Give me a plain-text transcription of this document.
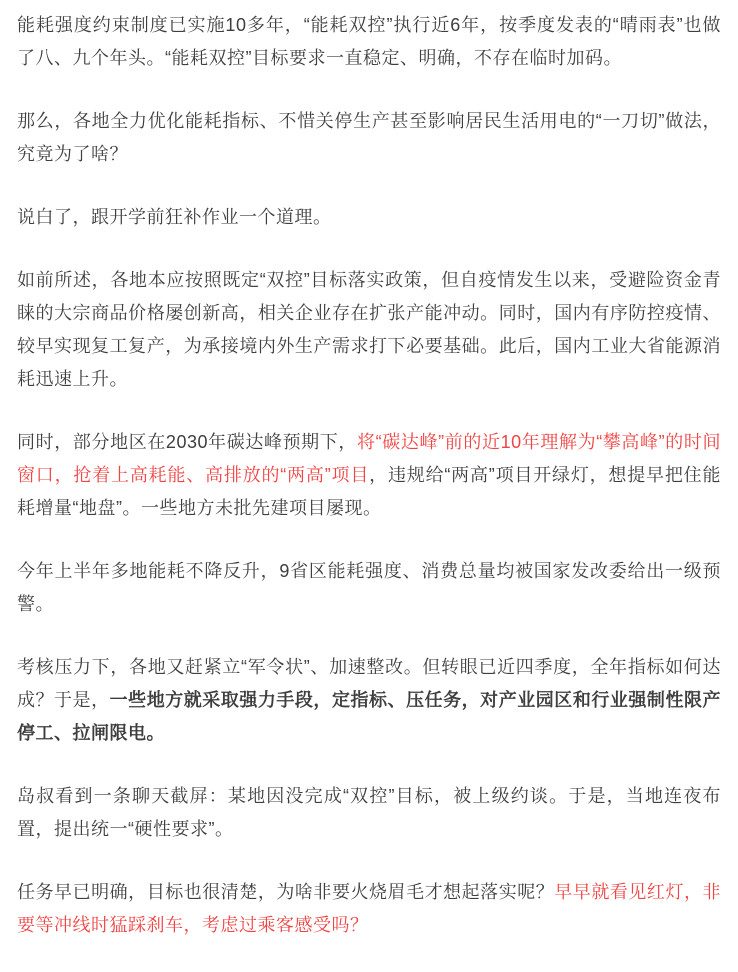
能耗强度约束制度已实施10多年，“能耗双控”执行近6年，按季度发表的“晴雨表”也做了八、九个年头。“能耗双控”目标要求一直稳定、明确，不存在临时加码。

那么，各地全力优化能耗指标、不惜关停生产甚至影响居民生活用电的“一刀切”做法，究竟为了啥？

说白了，跟开学前狂补作业一个道理。

如前所述，各地本应按照既定“双控”目标落实政策，但自疫情发生以来，受避险资金青睐的大宗商品价格屡创新高，相关企业存在扩张产能冲动。同时，国内有序防控疫情、较早实现复工复产，为承接境内外生产需求打下必要基础。此后，国内工业大省能源消耗迅速上升。

同时，部分地区在2030年碳达峰预期下，将“碳达峰”前的近10年理解为“攀高峰”的时间窗口，抢着上高耗能、高排放的“两高”项目，违规给“两高”项目开绿灯，想提早把住能耗增量“地盘”。一些地方未批先建项目屡现。

今年上半年多地能耗不降反升，9省区能耗强度、消费总量均被国家发改委给出一级预警。

考核压力下，各地又赶紧立“军令状”、加速整改。但转眼已近四季度，全年指标如何达成？于是，一些地方就采取强力手段，定指标、压任务，对产业园区和行业强制性限产停工、拉闸限电。

岛叔看到一条聊天截屏：某地因没完成“双控”目标，被上级约谈。于是，当地连夜布置，提出统一“硬性要求”。

任务早已明确，目标也很清楚，为啥非要火烧眉毛才想起落实呢？早早就看见红灯，非要等冲线时猛踩刹车，考虑过乘客感受吗？
